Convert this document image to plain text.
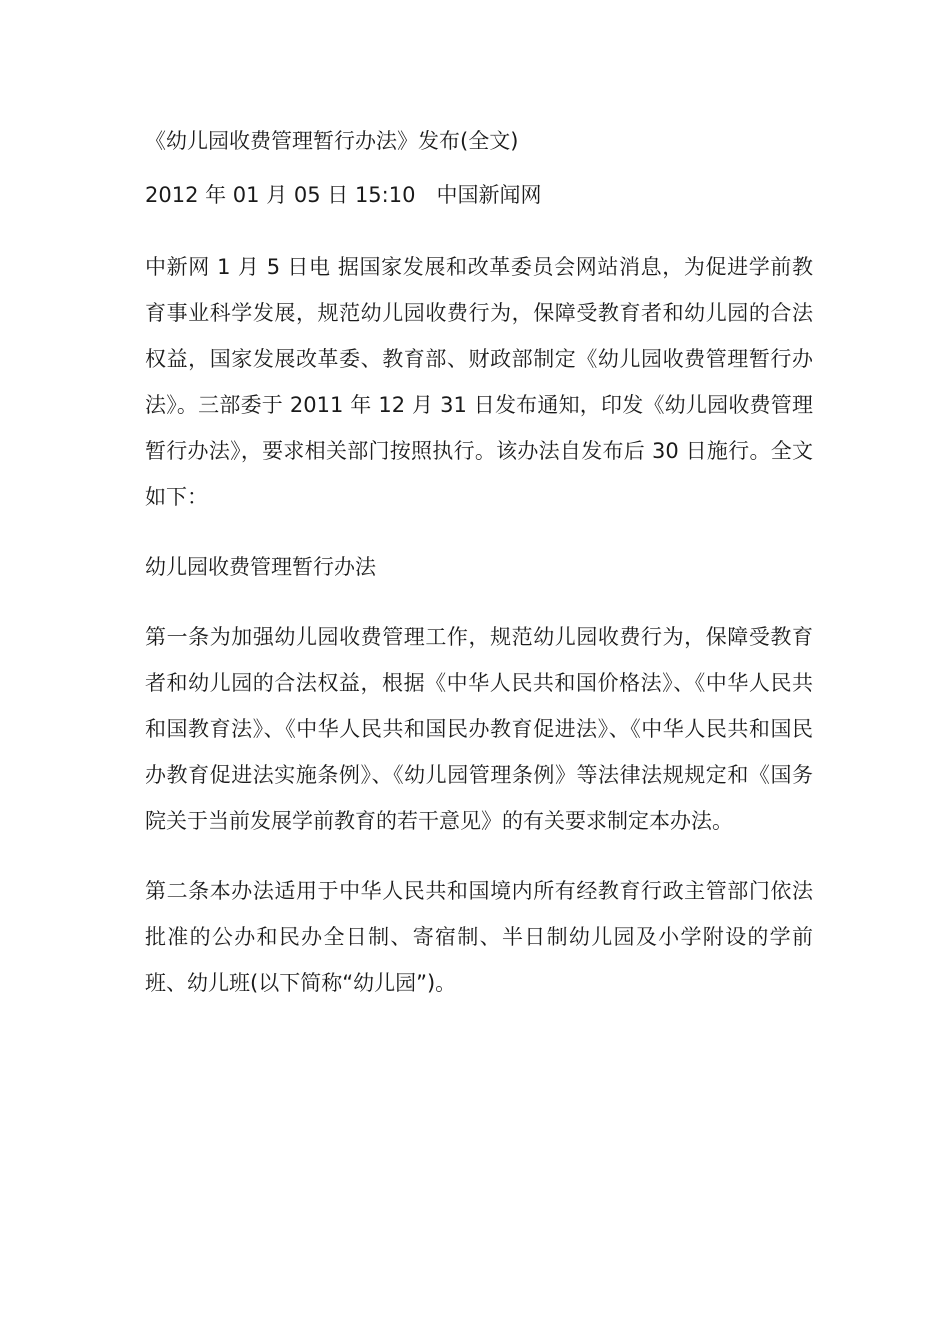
《幼儿园收费管理暂行办法》发布(全文)

2012 年 01 月 05 日 15:10　中国新闻网

中新网 1 月 5 日电 据国家发展和改革委员会网站消息，为促进学前教育事业科学发展，规范幼儿园收费行为，保障受教育者和幼儿园的合法权益，国家发展改革委、教育部、财政部制定《幼儿园收费管理暂行办法》。三部委于 2011 年 12 月 31 日发布通知，印发《幼儿园收费管理暂行办法》，要求相关部门按照执行。该办法自发布后 30 日施行。全文如下：

幼儿园收费管理暂行办法

第一条为加强幼儿园收费管理工作，规范幼儿园收费行为，保障受教育者和幼儿园的合法权益，根据《中华人民共和国价格法》、《中华人民共和国教育法》、《中华人民共和国民办教育促进法》、《中华人民共和国民办教育促进法实施条例》、《幼儿园管理条例》等法律法规规定和《国务院关于当前发展学前教育的若干意见》的有关要求制定本办法。

第二条本办法适用于中华人民共和国境内所有经教育行政主管部门依法批准的公办和民办全日制、寄宿制、半日制幼儿园及小学附设的学前班、幼儿班(以下简称“幼儿园”)。
